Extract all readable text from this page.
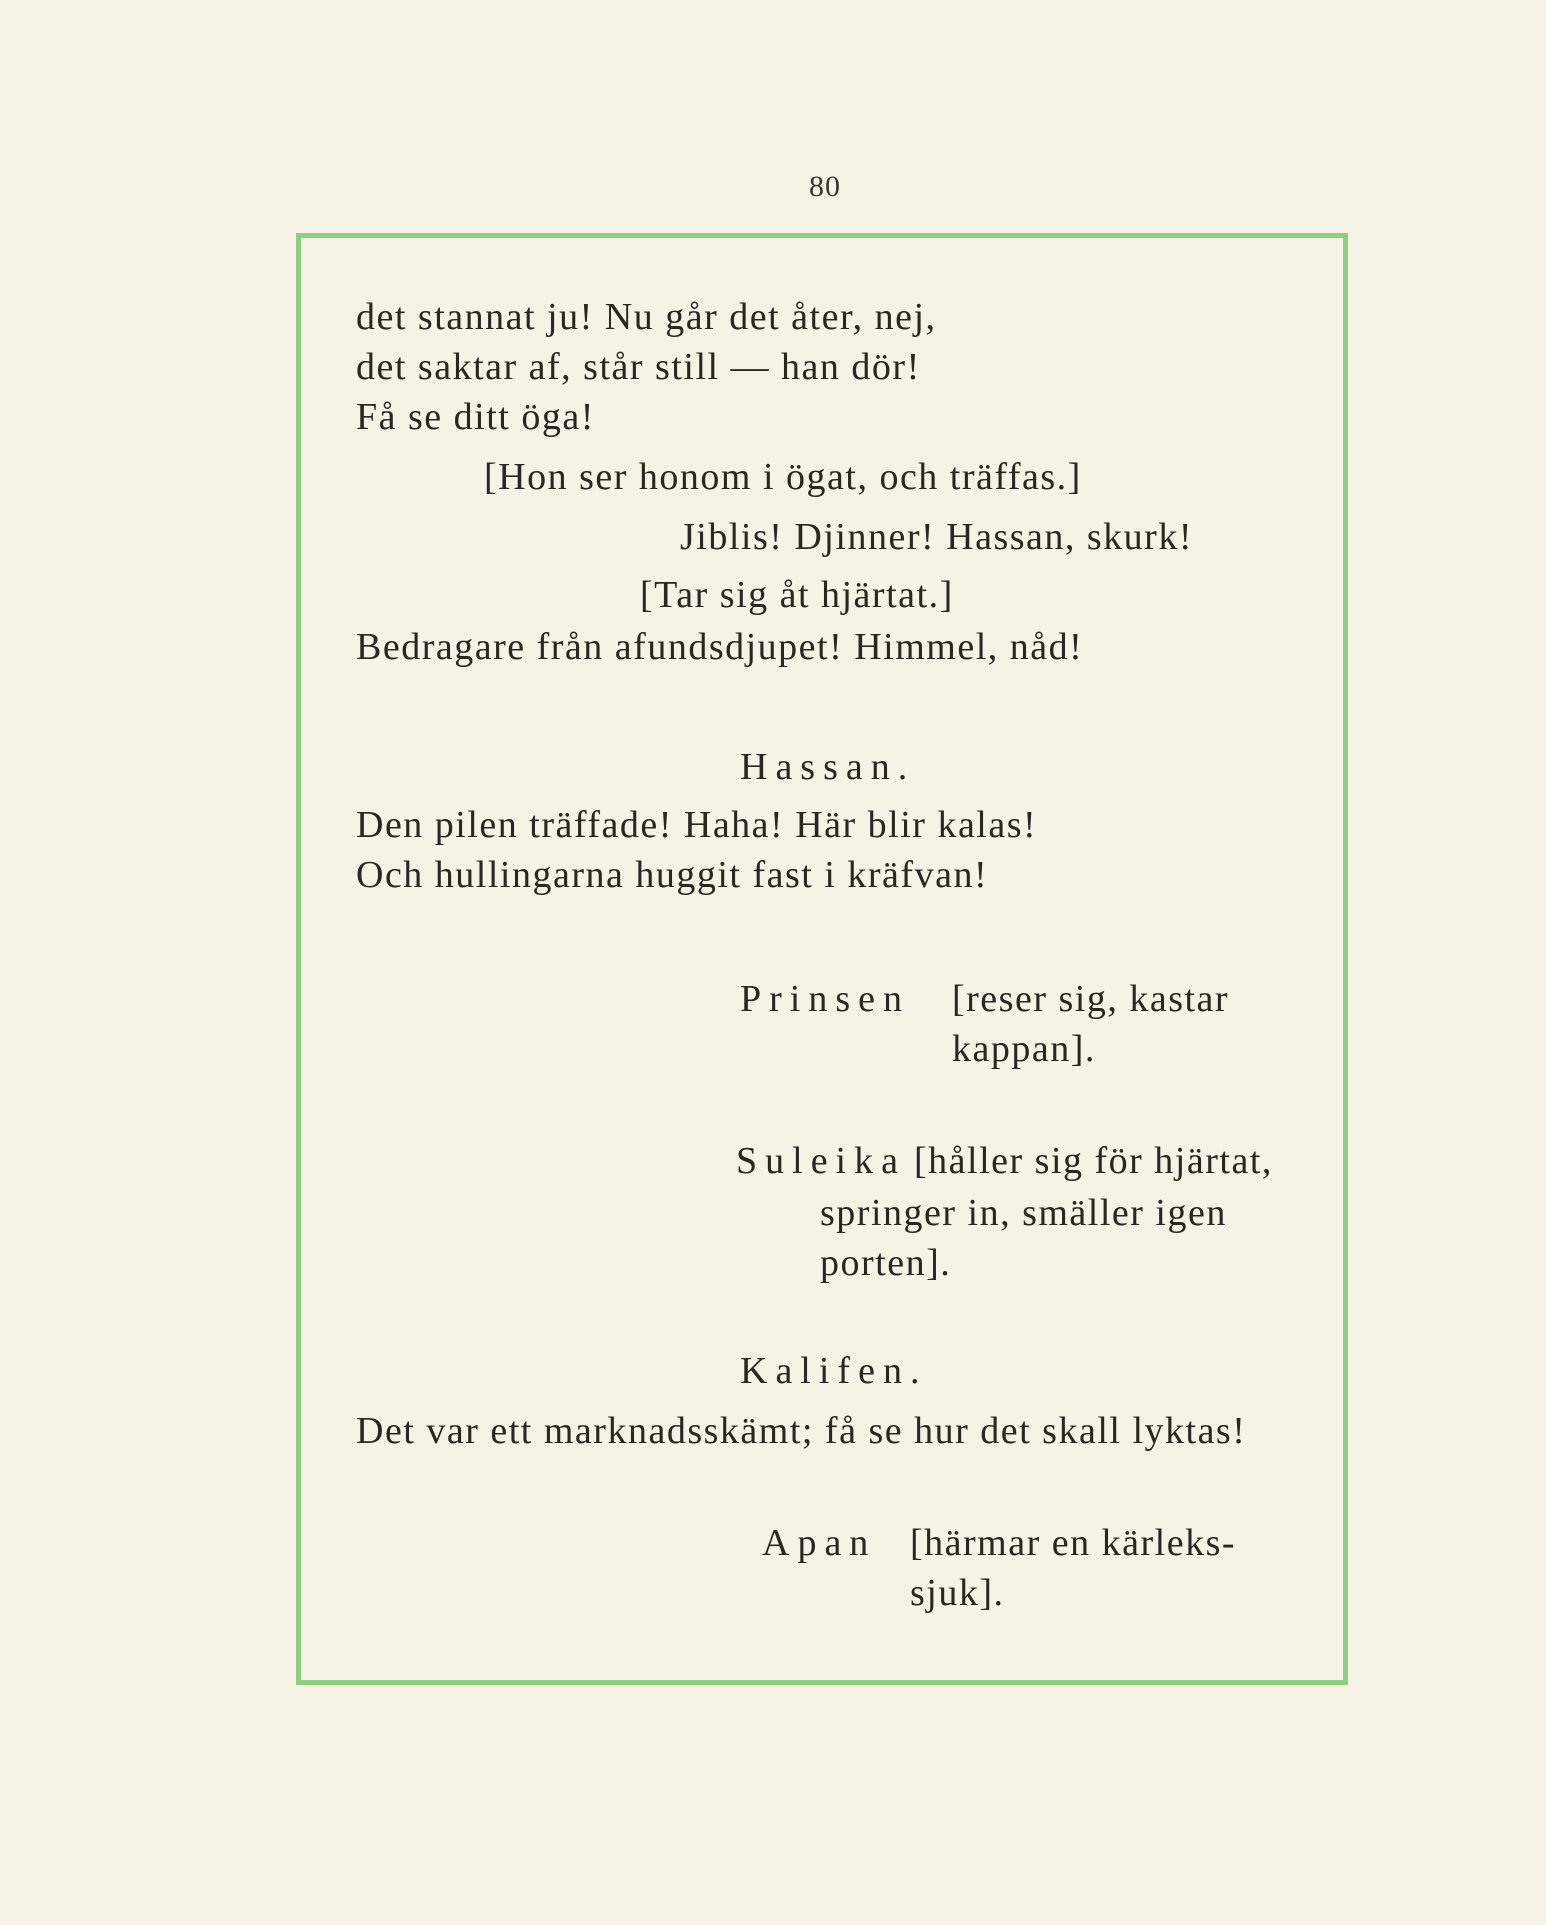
80
det stannat ju! Nu går det åter, nej,
det saktar af, står still — han dör!
Få se ditt öga!
[Hon ser honom i ögat, och träffas.]
Jiblis! Djinner! Hassan, skurk!
[Tar sig åt hjärtat.]
Bedragare från afundsdjupet! Himmel, nåd!
Hassan.
Den pilen träffade! Haha! Här blir kalas!
Och hullingarna huggit fast i kräfvan!
Prinsen [reser sig, kastar
kappan].
Suleika [håller sig för hjärtat,
springer in, smäller igen
porten].
Kalifen.
Det var ett marknadsskämt; få se hur det skall lyktas!
Apan [härmar en kärleks-
sjuk].
